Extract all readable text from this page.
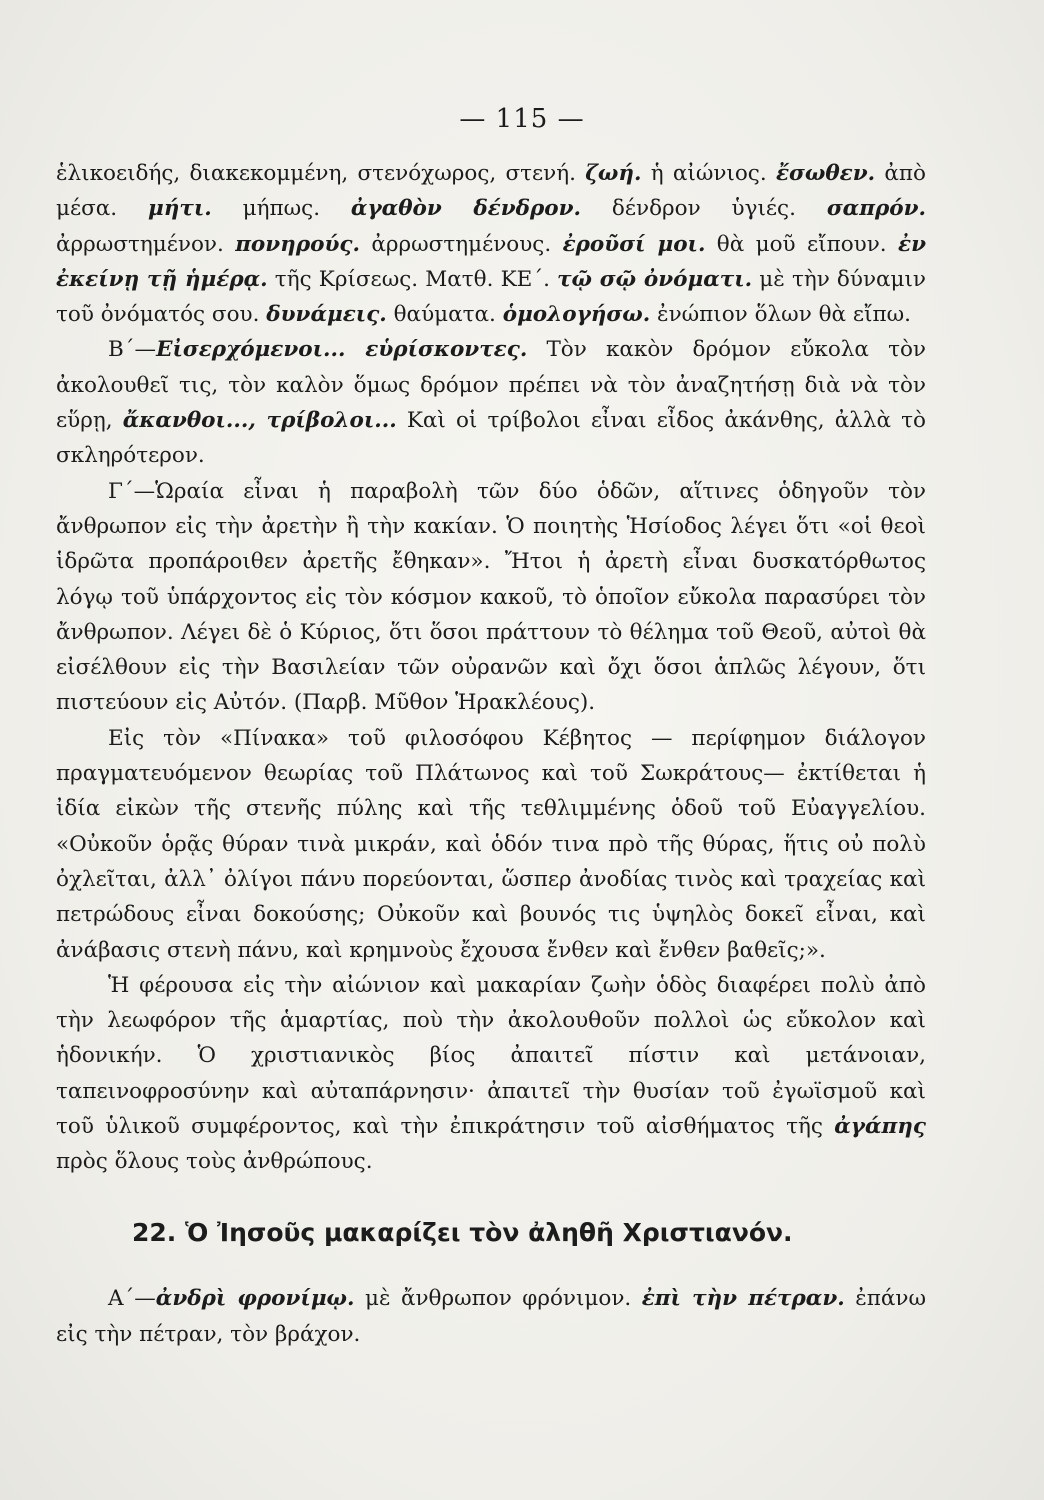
— 115 —

ἑλικοειδής, διακεκομμένη, στενόχωρος, στενή. ζωή. ἡ αἰώνιος. ἔσωθεν. ἀπὸ μέσα. μήτι. μήπως. ἀγαθὸν δένδρον. δένδρον ὑγιές. σαπρόν. ἀρρωστημένον. πονηρούς. ἀρρωστημένους. ἐροῦσί μοι. θὰ μοῦ εἴπουν. ἐν ἐκείνῃ τῇ ἡμέρᾳ. τῆς Κρίσεως. Ματθ. ΚΕ΄. τῷ σῷ ὀνόματι. μὲ τὴν δύναμιν τοῦ ὀνόματός σου. δυνάμεις. θαύματα. ὁμολογήσω. ἐνώπιον ὅλων θὰ εἴπω.

Β΄—Εἰσερχόμενοι... εὑρίσκοντες. Τὸν κακὸν δρόμον εὔκολα τὸν ἀκολουθεῖ τις, τὸν καλὸν ὅμως δρόμον πρέπει νὰ τὸν ἀναζητήσῃ διὰ νὰ τὸν εὕρῃ, ἄκανθοι..., τρίβολοι... Καὶ οἱ τρίβολοι εἶναι εἶδος ἀκάνθης, ἀλλὰ τὸ σκληρότερον.

Γ΄—Ὡραία εἶναι ἡ παραβολὴ τῶν δύο ὁδῶν, αἵτινες ὁδηγοῦν τὸν ἄνθρωπον εἰς τὴν ἀρετὴν ἢ τὴν κακίαν. Ὁ ποιητὴς Ἡσίοδος λέγει ὅτι «οἱ θεοὶ ἱδρῶτα προπάροιθεν ἀρετῆς ἔθηκαν». Ἤτοι ἡ ἀρετὴ εἶναι δυσκατόρθωτος λόγῳ τοῦ ὑπάρχοντος εἰς τὸν κόσμον κακοῦ, τὸ ὁποῖον εὔκολα παρασύρει τὸν ἄνθρωπον. Λέγει δὲ ὁ Κύριος, ὅτι ὅσοι πράττουν τὸ θέλημα τοῦ Θεοῦ, αὐτοὶ θὰ εἰσέλθουν εἰς τὴν Βασιλείαν τῶν οὐρανῶν καὶ ὄχι ὅσοι ἁπλῶς λέγουν, ὅτι πιστεύουν εἰς Αὐτόν. (Παρβ. Μῦθον Ἡρακλέους).

Εἰς τὸν «Πίνακα» τοῦ φιλοσόφου Κέβητος — περίφημον διάλογον πραγματευόμενον θεωρίας τοῦ Πλάτωνος καὶ τοῦ Σωκράτους— ἐκτίθεται ἡ ἰδία εἰκὼν τῆς στενῆς πύλης καὶ τῆς τεθλιμμένης ὁδοῦ τοῦ Εὐαγγελίου. «Οὐκοῦν ὁρᾷς θύραν τινὰ μικράν, καὶ ὁδόν τινα πρὸ τῆς θύρας, ἥτις οὐ πολὺ ὀχλεῖται, ἀλλ᾽ ὀλίγοι πάνυ πορεύονται, ὥσπερ ἀνοδίας τινὸς καὶ τραχείας καὶ πετρώδους εἶναι δοκούσης; Οὐκοῦν καὶ βουνός τις ὑψηλὸς δοκεῖ εἶναι, καὶ ἀνάβασις στενὴ πάνυ, καὶ κρημνοὺς ἔχουσα ἔνθεν καὶ ἔνθεν βαθεῖς;».

Ἡ φέρουσα εἰς τὴν αἰώνιον καὶ μακαρίαν ζωὴν ὁδὸς διαφέρει πολὺ ἀπὸ τὴν λεωφόρον τῆς ἁμαρτίας, ποὺ τὴν ἀκολουθοῦν πολλοὶ ὡς εὔκολον καὶ ἡδονικήν. Ὁ χριστιανικὸς βίος ἀπαιτεῖ πίστιν καὶ μετάνοιαν, ταπεινοφροσύνην καὶ αὐταπάρνησιν· ἀπαιτεῖ τὴν θυσίαν τοῦ ἐγωϊσμοῦ καὶ τοῦ ὑλικοῦ συμφέροντος, καὶ τὴν ἐπικράτησιν τοῦ αἰσθήματος τῆς ἀγάπης πρὸς ὅλους τοὺς ἀνθρώπους.

22. Ὁ Ἰησοῦς μακαρίζει τὸν ἀληθῆ Χριστιανόν.

Α΄—ἀνδρὶ φρονίμῳ. μὲ ἄνθρωπον φρόνιμον. ἐπὶ τὴν πέτραν. ἐπάνω εἰς τὴν πέτραν, τὸν βράχον.
